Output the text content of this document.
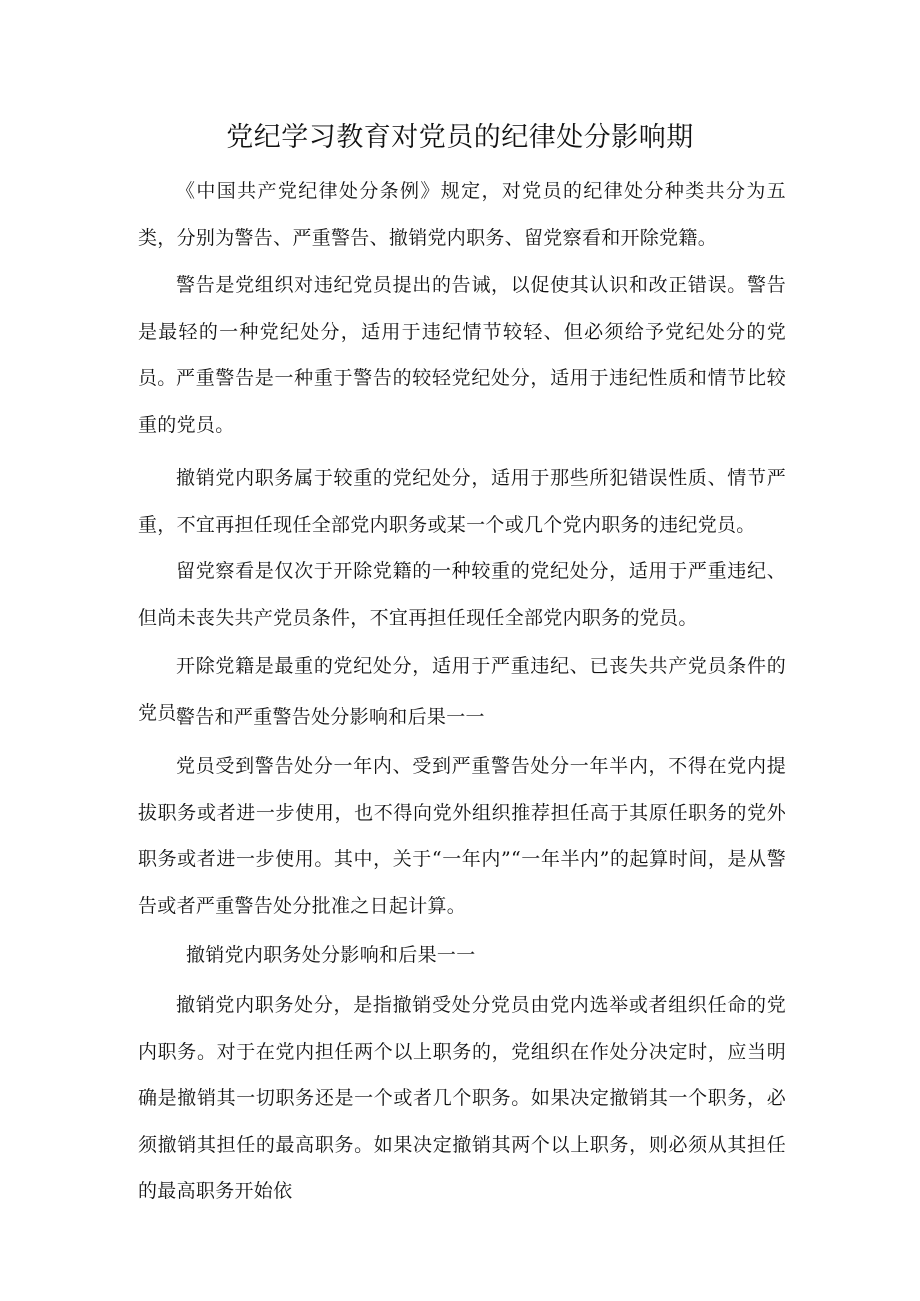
党纪学习教育对党员的纪律处分影响期

《中国共产党纪律处分条例》规定，对党员的纪律处分种类共分为五类，分别为警告、严重警告、撤销党内职务、留党察看和开除党籍。

警告是党组织对违纪党员提出的告诫，以促使其认识和改正错误。警告是最轻的一种党纪处分，适用于违纪情节较轻、但必须给予党纪处分的党员。 严重警告是一种重于警告的较轻党纪处分，适用于违纪性质和情节比较重的党员。

撤销党内职务属于较重的党纪处分，适用于那些所犯错误性质、情节严重，不宜再担任现任全部党内职务或某一个或几个党内职务的违纪党员。

留党察看是仅次于开除党籍的一种较重的党纪处分，适用于严重违纪、但尚未丧失共产党员条件，不宜再担任现任全部党内职务的党员。

开除党籍是最重的党纪处分，适用于严重违纪、已丧失共产党员条件的党员。

警告和严重警告处分影响和后果一一

党员受到警告处分一年内、受到严重警告处分一年半内，不得在党内提拔职务或者进一步使用，也不得向党外组织推荐担任高于其原任职务的党外职务或者进一步使用。其中，关于“一年内”“一年半内”的起算时间，是从警告或者严重警告处分批准之日起计算。

撤销党内职务处分影响和后果一一

撤销党内职务处分，是指撤销受处分党员由党内选举或者组织任命的党内职务。对于在党内担任两个以上职务的，党组织在作处分决定时，应当明确是撤销其一切职务还是一个或者几个职务。如果决定撤销其一个职务，必须撤销其担任的最高职务。如果决定撤销其两个以上职务，则必须从其担任的最高职务开始依
